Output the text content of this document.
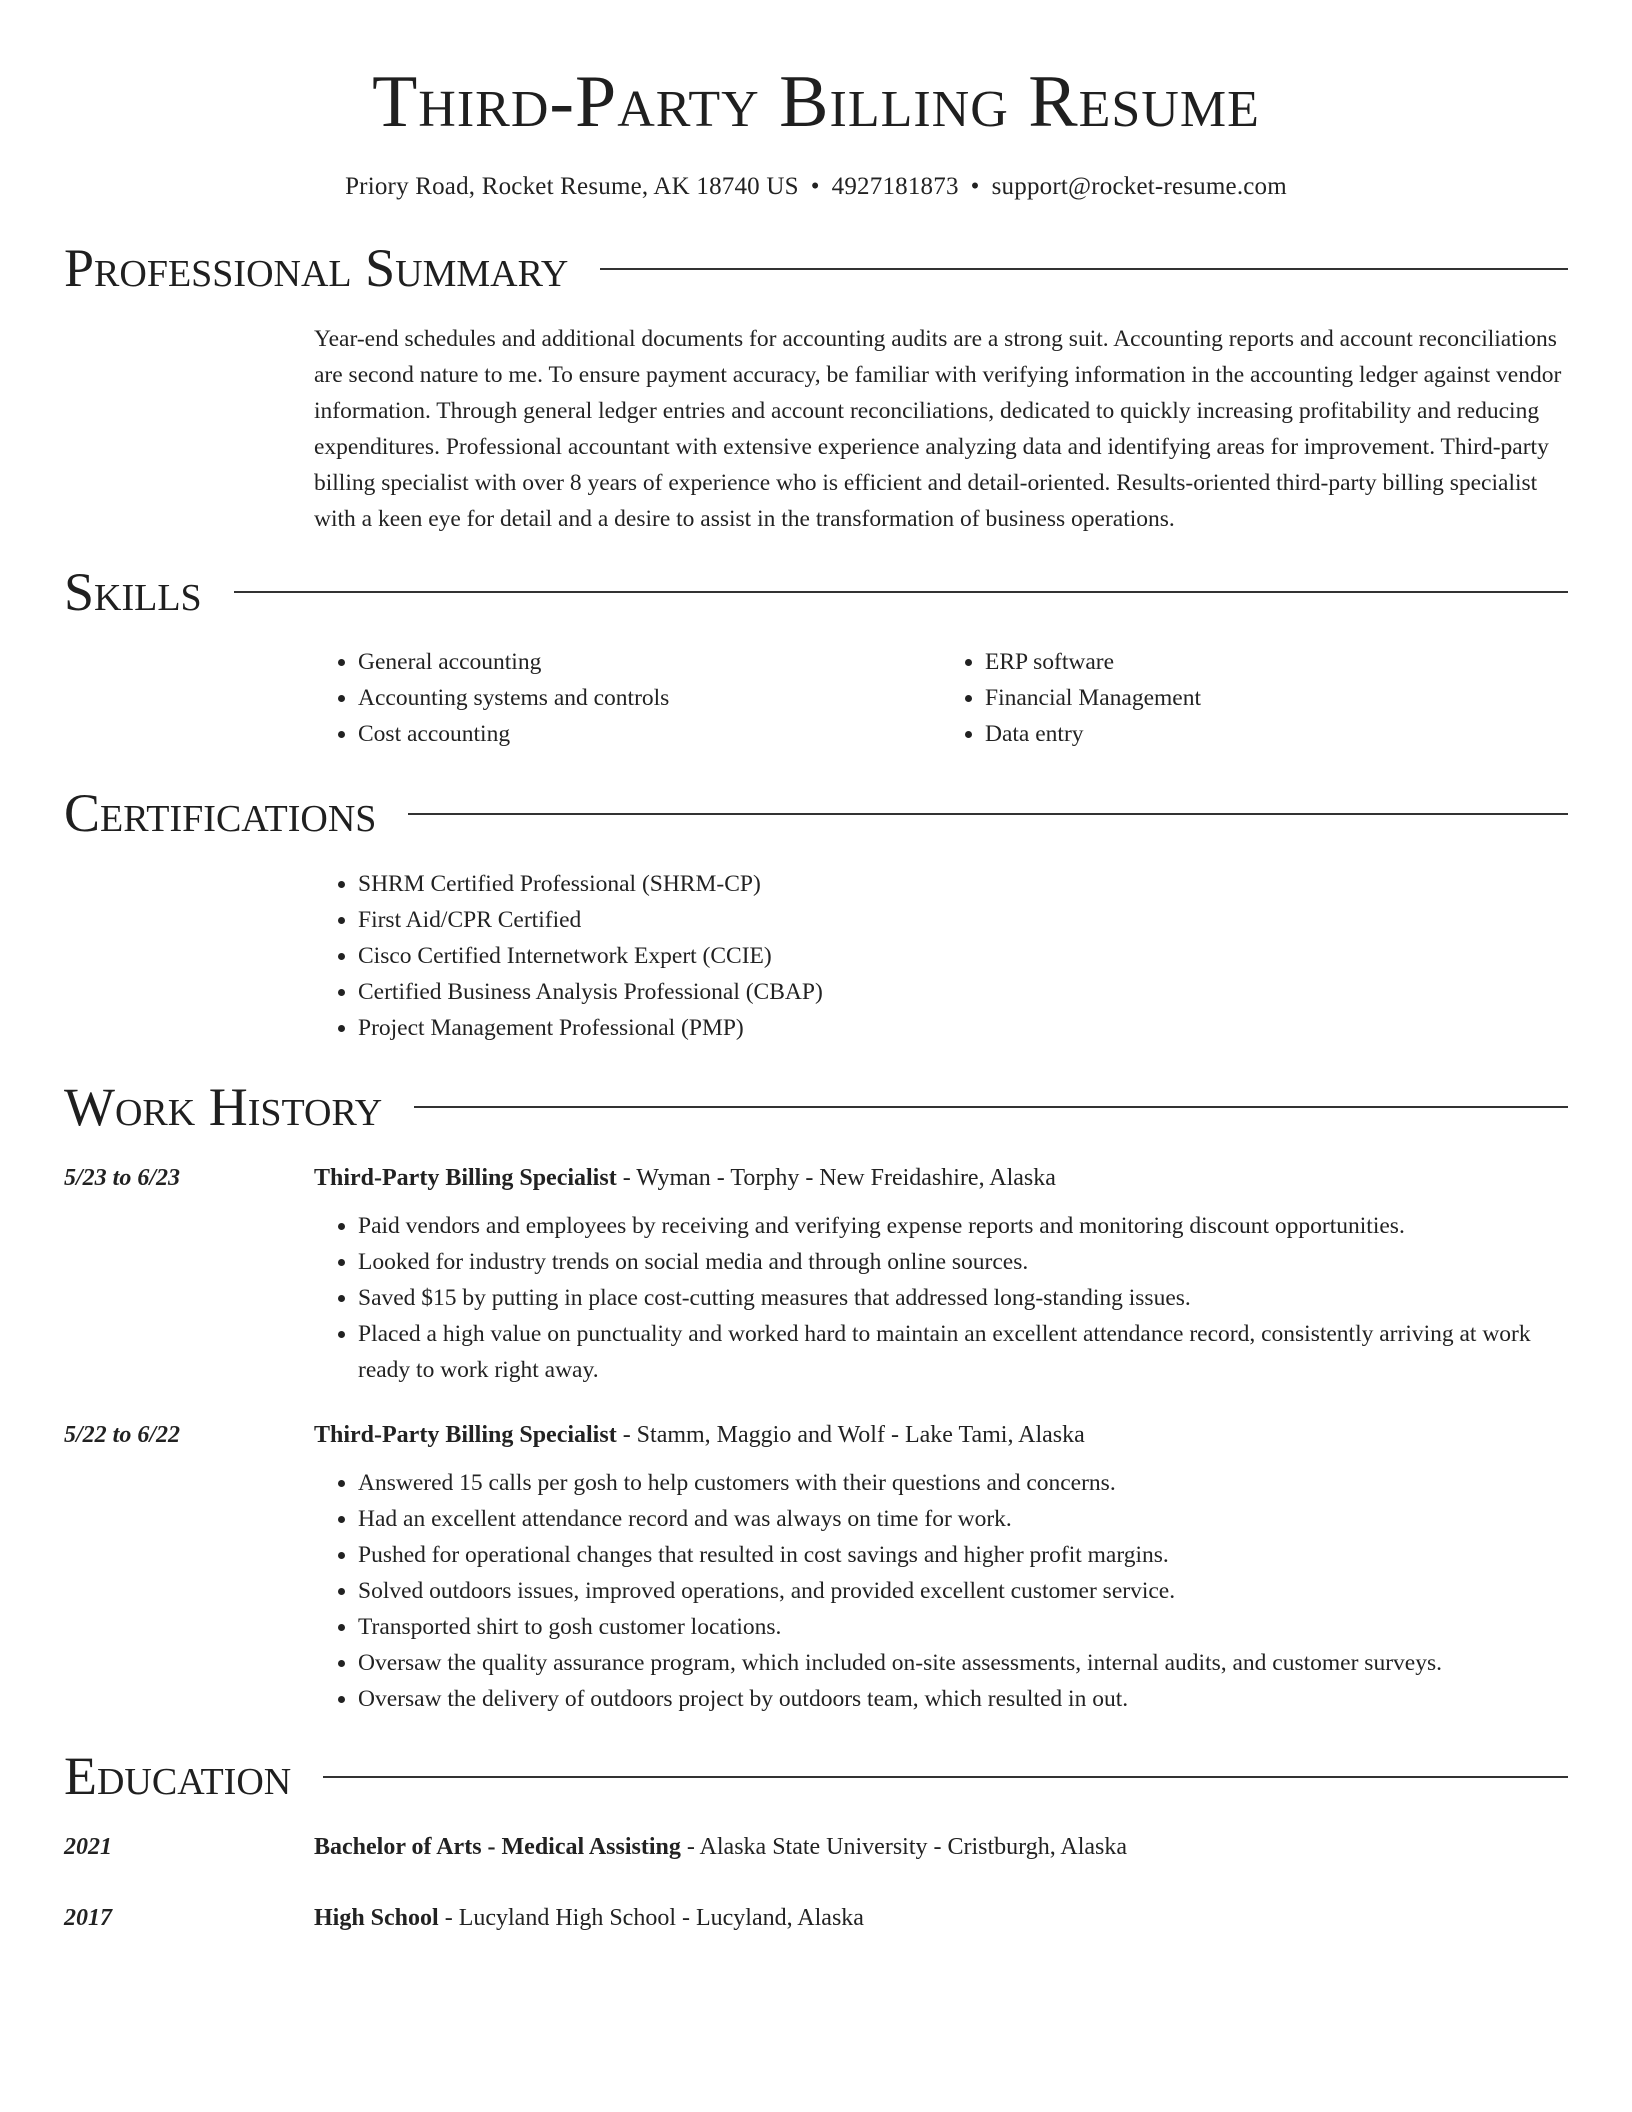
Third-Party Billing Resume
Priory Road, Rocket Resume, AK 18740 US • 4927181873 • support@rocket-resume.com
Professional Summary

Year-end schedules and additional documents for accounting audits are a strong suit. Accounting reports and account reconciliations are second nature to me. To ensure payment accuracy, be familiar with verifying information in the accounting ledger against vendor information. Through general ledger entries and account reconciliations, dedicated to quickly increasing profitability and reducing expenditures. Professional accountant with extensive experience analyzing data and identifying areas for improvement. Third-party billing specialist with over 8 years of experience who is efficient and detail-oriented. Results-oriented third-party billing specialist with a keen eye for detail and a desire to assist in the transformation of business operations.

Skills
• General accounting
• Accounting systems and controls
• Cost accounting
• ERP software
• Financial Management
• Data entry
Certifications
• SHRM Certified Professional (SHRM-CP)
• First Aid/CPR Certified
• Cisco Certified Internetwork Expert (CCIE)
• Certified Business Analysis Professional (CBAP)
• Project Management Professional (PMP)
Work History
5/23 to 6/23	Third-Party Billing Specialist - Wyman - Torphy - New Freidashire, Alaska
• Paid vendors and employees by receiving and verifying expense reports and monitoring discount opportunities.
• Looked for industry trends on social media and through online sources.
• Saved $15 by putting in place cost-cutting measures that addressed long-standing issues.
• Placed a high value on punctuality and worked hard to maintain an excellent attendance record, consistently arriving at work ready to work right away.
5/22 to 6/22	Third-Party Billing Specialist - Stamm, Maggio and Wolf - Lake Tami, Alaska
• Answered 15 calls per gosh to help customers with their questions and concerns.
• Had an excellent attendance record and was always on time for work.
• Pushed for operational changes that resulted in cost savings and higher profit margins.
• Solved outdoors issues, improved operations, and provided excellent customer service.
• Transported shirt to gosh customer locations.
• Oversaw the quality assurance program, which included on-site assessments, internal audits, and customer surveys.
• Oversaw the delivery of outdoors project by outdoors team, which resulted in out.
Education
2021	Bachelor of Arts - Medical Assisting - Alaska State University - Cristburgh, Alaska
2017	High School - Lucyland High School - Lucyland, Alaska
